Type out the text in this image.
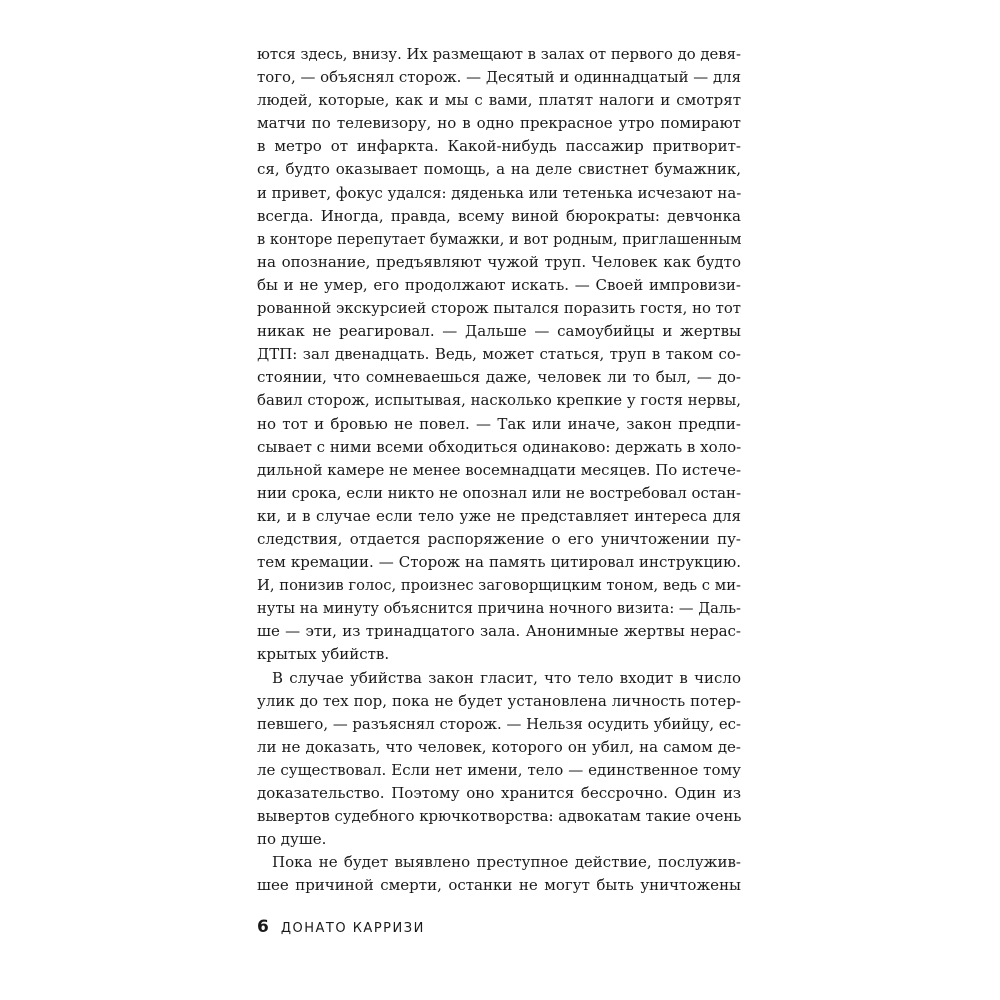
ются здесь, внизу. Их размещают в залах от первого до девя-
того, — объяснял сторож. — Десятый и одиннадцатый — для
людей, которые, как и мы с вами, платят налоги и смотрят
матчи по телевизору, но в одно прекрасное утро помирают
в метро от инфаркта. Какой-нибудь пассажир притворит-
ся, будто оказывает помощь, а на деле свистнет бумажник,
и привет, фокус удался: дяденька или тетенька исчезают на-
всегда. Иногда, правда, всему виной бюрократы: девчонка
в конторе перепутает бумажки, и вот родным, приглашенным
на опознание, предъявляют чужой труп. Человек как будто
бы и не умер, его продолжают искать. — Своей импровизи-
рованной экскурсией сторож пытался поразить гостя, но тот
никак не реагировал. — Дальше — самоубийцы и жертвы
ДТП: зал двенадцать. Ведь, может статься, труп в таком со-
стоянии, что сомневаешься даже, человек ли то был, — до-
бавил сторож, испытывая, насколько крепкие у гостя нервы,
но тот и бровью не повел. — Так или иначе, закон предпи-
сывает с ними всеми обходиться одинаково: держать в холо-
дильной камере не менее восемнадцати месяцев. По истече-
нии срока, если никто не опознал или не востребовал остан-
ки, и в случае если тело уже не представляет интереса для
следствия, отдается распоряжение о его уничтожении пу-
тем кремации. — Сторож на память цитировал инструкцию.
И, понизив голос, произнес заговорщицким тоном, ведь с ми-
нуты на минуту объяснится причина ночного визита: — Даль-
ше — эти, из тринадцатого зала. Анонимные жертвы нерас-
крытых убийств.
В случае убийства закон гласит, что тело входит в число
улик до тех пор, пока не будет установлена личность потер-
певшего, — разъяснял сторож. — Нельзя осудить убийцу, ес-
ли не доказать, что человек, которого он убил, на самом де-
ле существовал. Если нет имени, тело — единственное тому
доказательство. Поэтому оно хранится бессрочно. Один из
вывертов судебного крючкотворства: адвокатам такие очень
по душе.
Пока не будет выявлено преступное действие, послужив-
шее причиной смерти, останки не могут быть уничтожены
6 ДОНАТО КАРРИЗИ
